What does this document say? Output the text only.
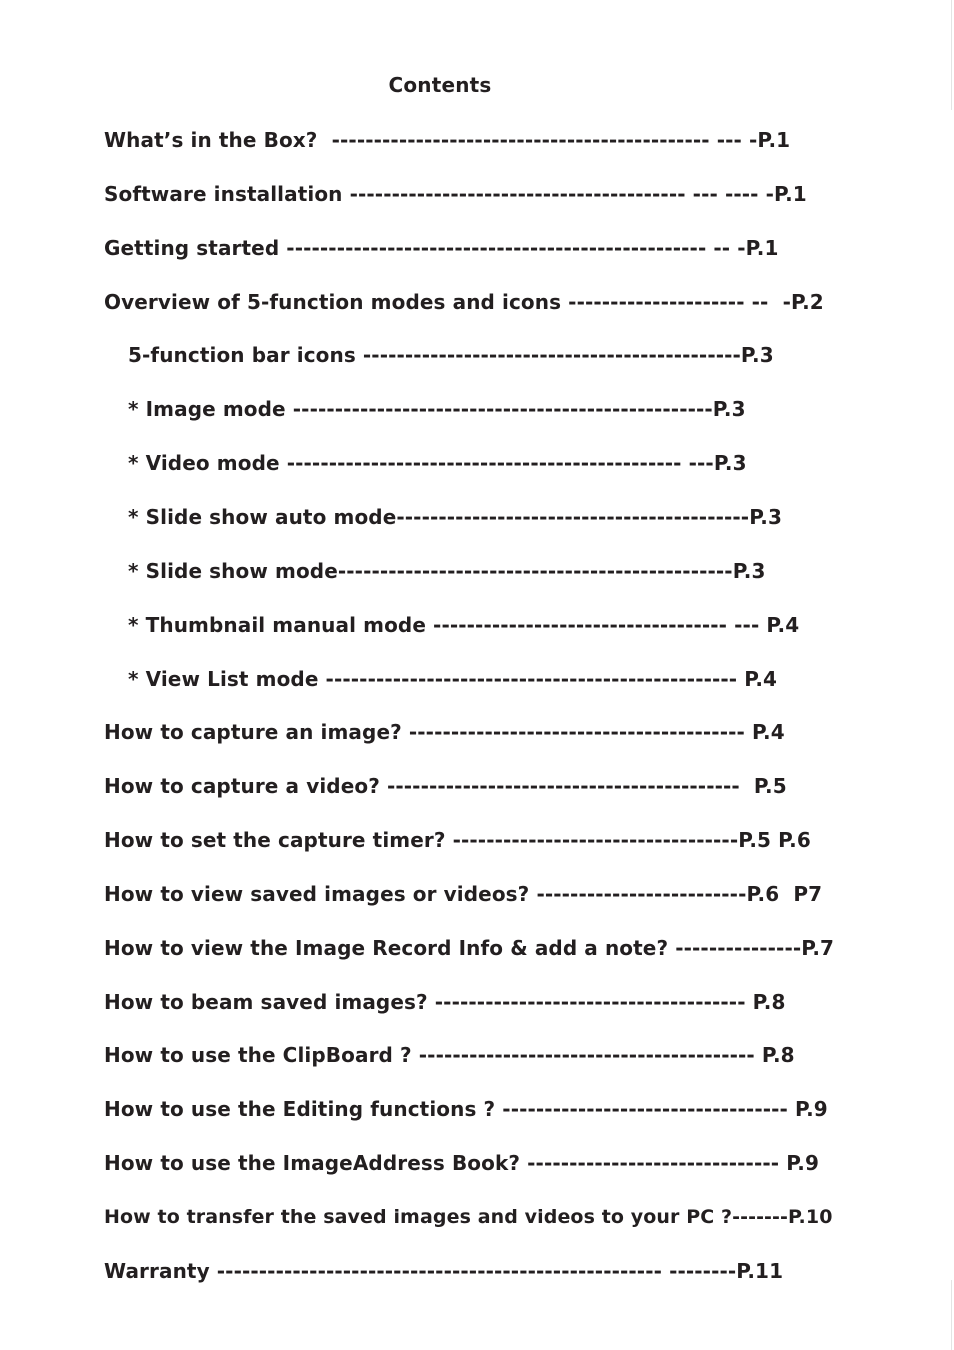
Contents
What’s in the Box?  --------------------------------------------- --- -P.1
Software installation ---------------------------------------- --- ---- -P.1
Getting started -------------------------------------------------- -- -P.1
Overview of 5-function modes and icons --------------------- --  -P.2
5-function bar icons ---------------------------------------------P.3
* Image mode --------------------------------------------------P.3
* Video mode ----------------------------------------------- ---P.3
* Slide show auto mode------------------------------------------P.3
* Slide show mode-----------------------------------------------P.3
* Thumbnail manual mode ----------------------------------- --- P.4
* View List mode ------------------------------------------------- P.4
How to capture an image? ---------------------------------------- P.4
How to capture a video? ------------------------------------------  P.5
How to set the capture timer? ----------------------------------P.5 P.6
How to view saved images or videos? -------------------------P.6  P7
How to view the Image Record Info & add a note? ---------------P.7
How to beam saved images? ------------------------------------- P.8
How to use the ClipBoard ? ---------------------------------------- P.8
How to use the Editing functions ? ---------------------------------- P.9
How to use the ImageAddress Book? ------------------------------ P.9
How to transfer the saved images and videos to your PC ?-------P.10
Warranty ----------------------------------------------------- --------P.11
